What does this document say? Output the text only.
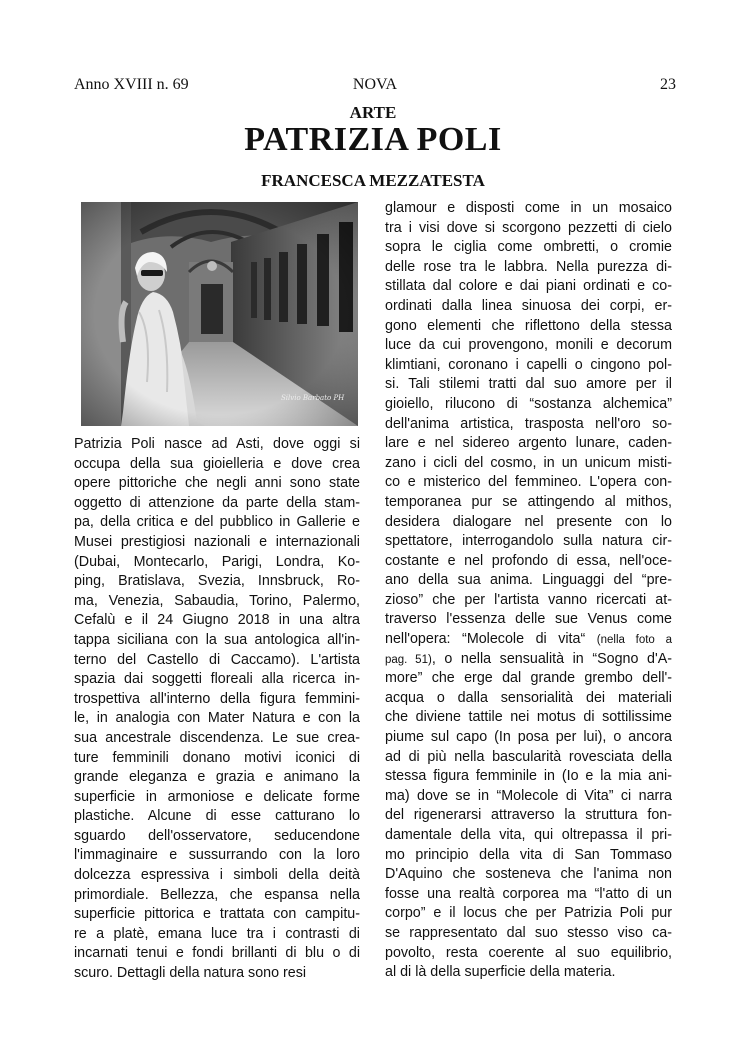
Anno XVIII n. 69	NOVA	23
ARTE
PATRIZIA POLI
FRANCESCA MEZZATESTA
Silvio Barbato PH
Patrizia Poli nasce ad Asti, dove oggi si
occupa della sua gioielleria e dove crea
opere pittoriche che negli anni sono state
oggetto di attenzione da parte della stam-
pa, della critica e del pubblico in Gallerie e
Musei prestigiosi nazionali e internazionali
(Dubai, Montecarlo, Parigi, Londra, Ko-
ping, Bratislava, Svezia, Innsbruck, Ro-
ma, Venezia, Sabaudia, Torino, Palermo,
Cefalù e il 24 Giugno 2018 in una altra
tappa siciliana con la sua antologica all'in-
terno del Castello di Caccamo). L'artista
spazia dai soggetti floreali alla ricerca in-
trospettiva all'interno della figura femmini-
le, in analogia con Mater Natura e con la
sua ancestrale discendenza. Le sue crea-
ture femminili donano motivi iconici di
grande eleganza e grazia e animano la
superficie in armoniose e delicate forme
plastiche. Alcune di esse catturano lo
sguardo dell'osservatore, seducendone
l'immaginaire e sussurrando con la loro
dolcezza espressiva i simboli della deità
primordiale. Bellezza, che espansa nella
superficie pittorica e trattata con campitu-
re a platè, emana luce tra i contrasti di
incarnati tenui e fondi brillanti di blu o di
scuro. Dettagli della natura sono resi
glamour e disposti come in un mosaico
tra i visi dove si scorgono pezzetti di cielo
sopra le ciglia come ombretti, o cromie
delle rose tra le labbra. Nella purezza di-
stillata dal colore e dai piani ordinati e co-
ordinati dalla linea sinuosa dei corpi, er-
gono elementi che riflettono della stessa
luce da cui provengono, monili e decorum
klimtiani, coronano i capelli o cingono pol-
si. Tali stilemi tratti dal suo amore per il
gioiello, rilucono di “sostanza alchemica”
dell'anima artistica, trasposta nell'oro so-
lare e nel sidereo argento lunare, caden-
zano i cicli del cosmo, in un unicum misti-
co e misterico del femmineo. L'opera con-
temporanea pur se attingendo al mithos,
desidera dialogare nel presente con lo
spettatore, interrogandolo sulla natura cir-
costante e nel profondo di essa, nell'oce-
ano della sua anima. Linguaggi del “pre-
zioso” che per l'artista vanno ricercati at-
traverso l'essenza delle sue Venus come
nell'opera: “Molecole di vita“ (nella foto a
pag. 51), o nella sensualità in “Sogno d'A-
more” che erge dal grande grembo dell'-
acqua o dalla sensorialità dei materiali
che diviene tattile nei motus di sottilissime
piume sul capo (In posa per lui), o ancora
ad di più nella bascularità rovesciata della
stessa figura femminile in (Io e la mia ani-
ma) dove se in “Molecole di Vita” ci narra
del rigenerarsi attraverso la struttura fon-
damentale della vita, qui oltrepassa il pri-
mo principio della vita di San Tommaso
D'Aquino che sosteneva che l'anima non
fosse una realtà corporea ma “l'atto di un
corpo” e il locus che per Patrizia Poli pur
se rappresentato dal suo stesso viso ca-
povolto, resta coerente al suo equilibrio,
al di là della superficie della materia.
